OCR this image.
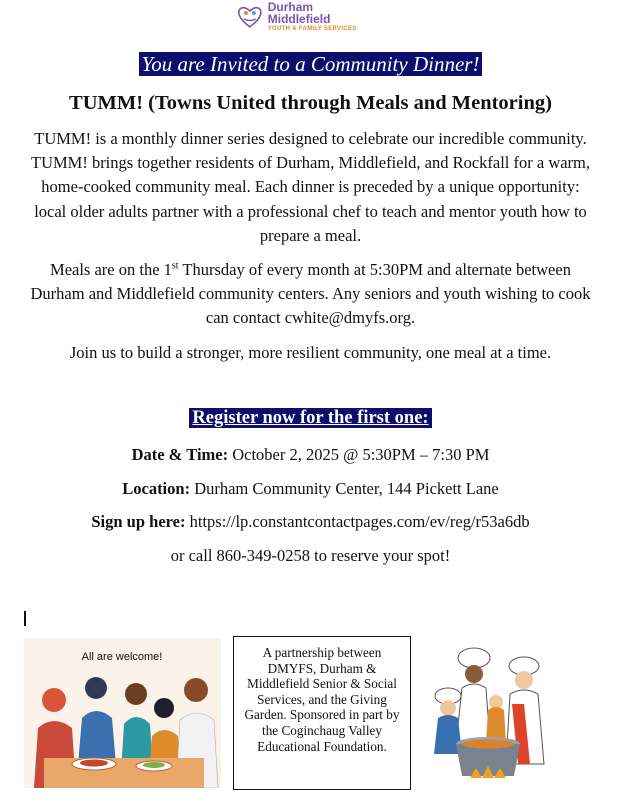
Durham Middlefield
YOUTH & FAMILY SERVICES
You are Invited to a Community Dinner!
TUMM! (Towns United through Meals and Mentoring)

TUMM! is a monthly dinner series designed to celebrate our incredible community. TUMM! brings together residents of Durham, Middlefield, and Rockfall for a warm, home-cooked community meal. Each dinner is preceded by a unique opportunity: local older adults partner with a professional chef to teach and mentor youth how to prepare a meal.

Meals are on the 1st Thursday of every month at 5:30PM and alternate between Durham and Middlefield community centers. Any seniors and youth wishing to cook can contact cwhite@dmyfs.org.

Join us to build a stronger, more resilient community, one meal at a time.

Register now for the first one:

Date & Time: October 2, 2025 @ 5:30PM – 7:30 PM

Location: Durham Community Center, 144 Pickett Lane

Sign up here: https://lp.constantcontactpages.com/ev/reg/r53a6db

or call 860-349-0258 to reserve your spot!

All are welcome!	A partnership between DMYFS, Durham & Middlefield Senior & Social Services, and the Giving Garden. Sponsored in part by the Coginchaug Valley Educational Foundation.
